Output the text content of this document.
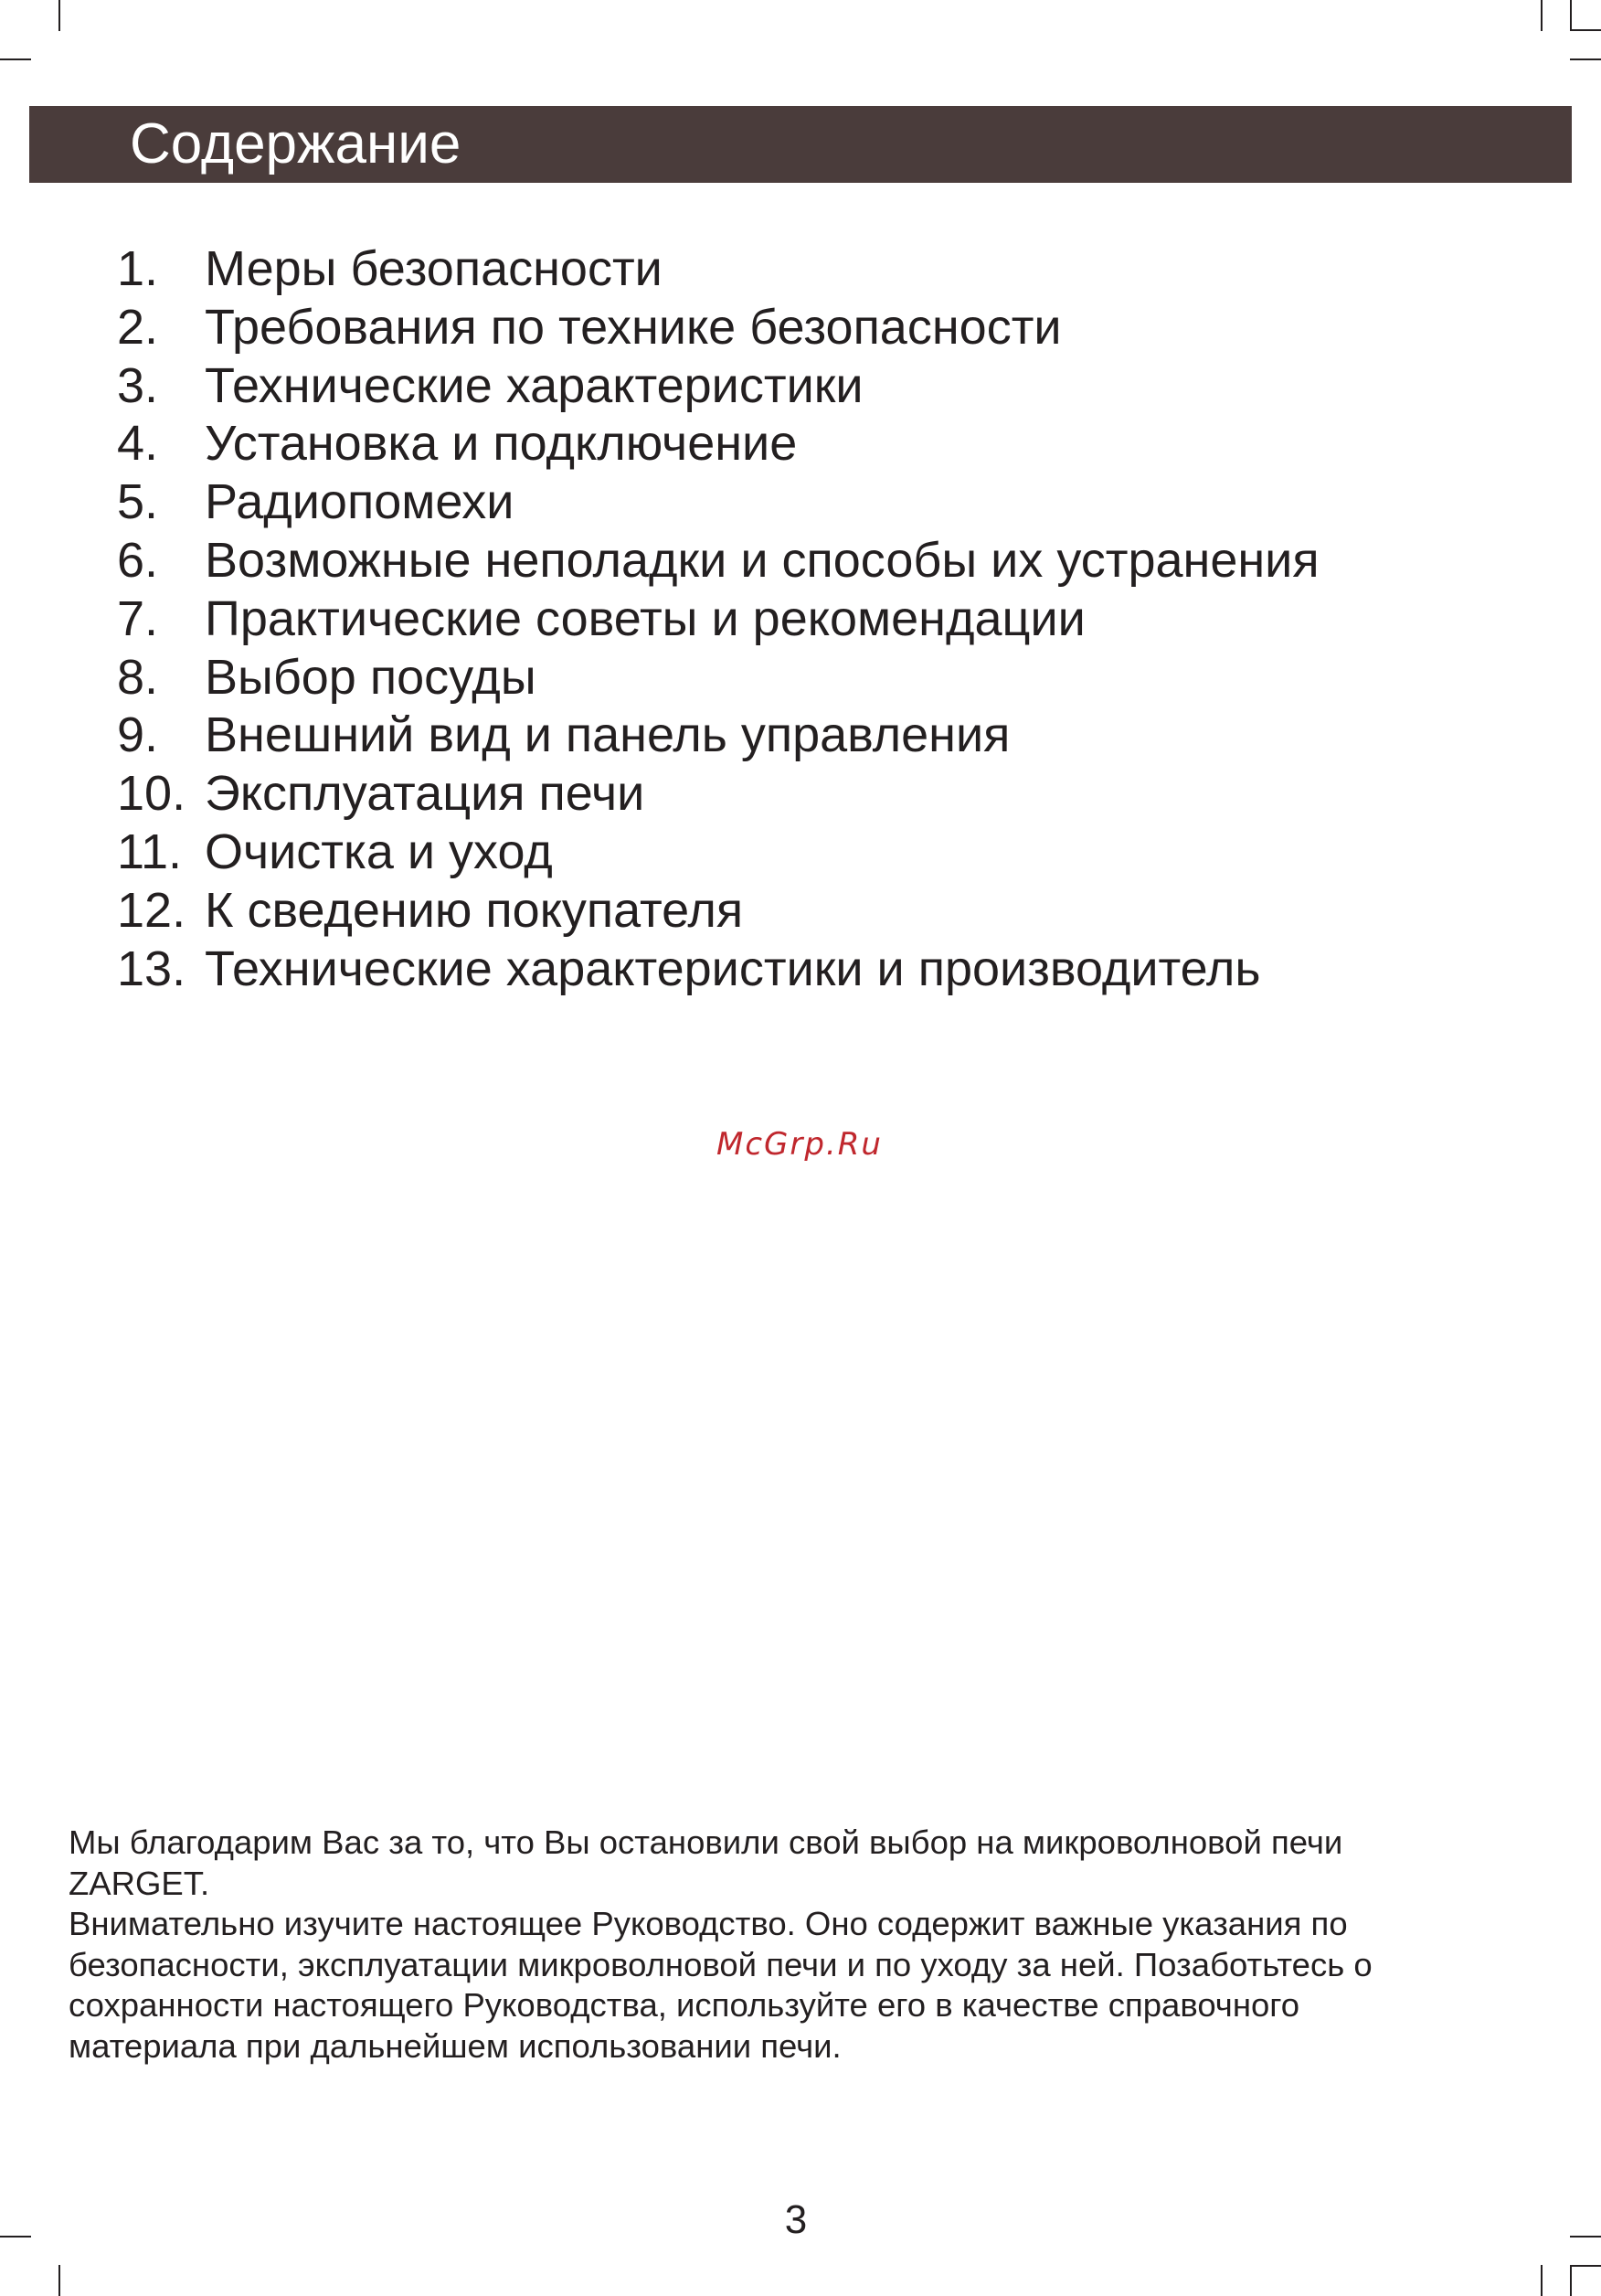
Содержание
1. Меры безопасности
2. Требования по технике безопасности
3. Технические характеристики
4. Установка и подключение
5. Радиопомехи
6. Возможные неполадки и способы их устранения
7. Практические советы и рекомендации
8. Выбор посуды
9. Внешний вид и панель управления
10. Эксплуатация печи
11. Очистка и уход
12. К сведению покупателя
13. Технические характеристики и производитель
McGrp.Ru

Мы благодарим Вас за то, что Вы остановили свой выбор на микроволновой печи

ZARGET.

Внимательно изучите настоящее Руководство. Оно содержит важные указания по

безопасности, эксплуатации микроволновой печи и по уходу за ней. Позаботьтесь о

сохранности настоящего Руководства, используйте его в качестве справочного

материала при дальнейшем использовании печи.

3
